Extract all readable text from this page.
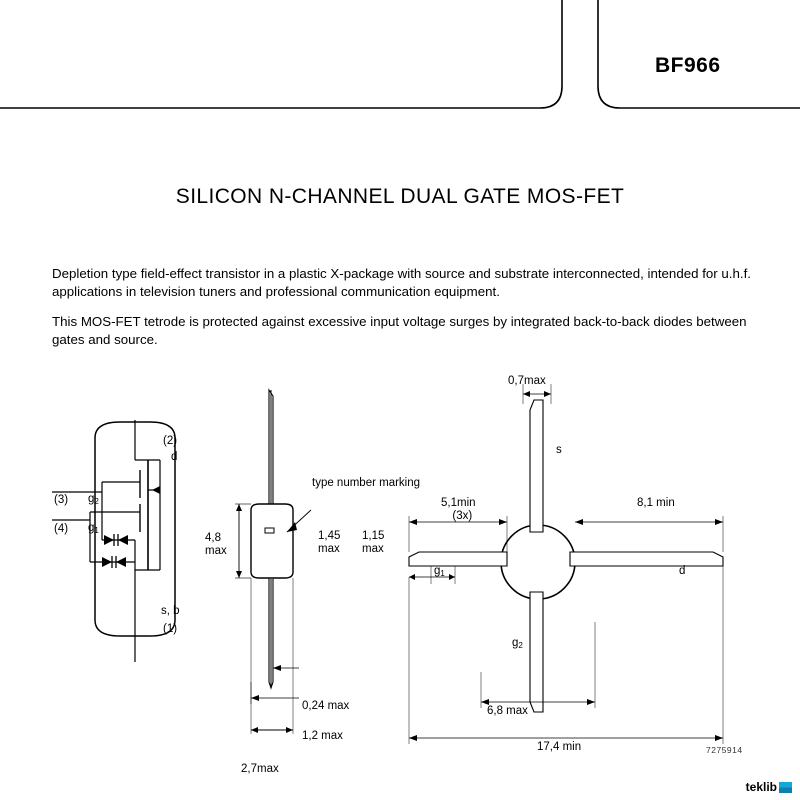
BF966
SILICON N-CHANNEL DUAL GATE MOS-FET
Depletion type field-effect transistor in a plastic X-package with source and substrate interconnected, intended for u.h.f. applications in television tuners and professional communication equipment.
This MOS-FET tetrode is protected against excessive input voltage surges by integrated back-to-back diodes between gates and source.
(2)
d
(3) $g_2$
(4) $g_1$
s, b
(1)
4,8
max
type number marking
0,24 max
1,2 max
2,7max
0,7max
s
d
$g_1$
$g_2$
5,1min
(3x)
8,1 min
1,45
max
1,15
max
6,8 max
17,4 min	7275914
teklib
